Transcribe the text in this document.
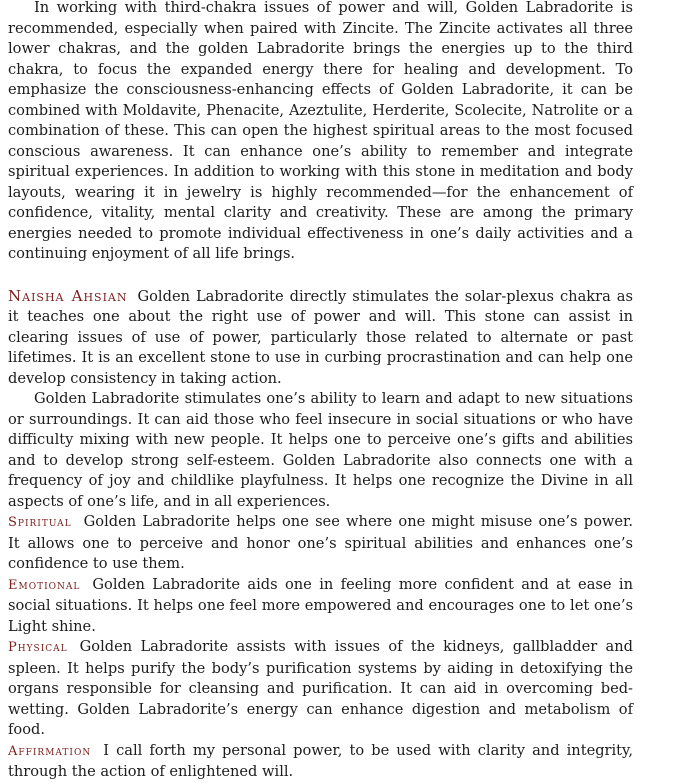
In working with third-chakra issues of power and will, Golden Labradorite is recommended, especially when paired with Zincite. The Zincite activates all three lower chakras, and the golden Labradorite brings the energies up to the third chakra, to focus the expanded energy there for healing and development. To emphasize the consciousness-enhancing effects of Golden Labradorite, it can be combined with Moldavite, Phenacite, Azeztulite, Herderite, Scolecite, Natrolite or a combination of these. This can open the highest spiritual areas to the most focused conscious awareness. It can enhance one’s ability to remember and integrate spiritual experiences. In addition to working with this stone in meditation and body layouts, wearing it in jewelry is highly recommended—for the enhancement of confidence, vitality, mental clarity and creativity. These are among the primary energies needed to promote individual effectiveness in one’s daily activities and a continuing enjoyment of all life brings.

Naisha Ahsian Golden Labradorite directly stimulates the solar-plexus chakra as it teaches one about the right use of power and will. This stone can assist in clearing issues of use of power, particularly those related to alternate or past lifetimes. It is an excellent stone to use in curbing procrastination and can help one develop consistency in taking action.

Golden Labradorite stimulates one’s ability to learn and adapt to new situations or surroundings. It can aid those who feel insecure in social situations or who have difficulty mixing with new people. It helps one to perceive one’s gifts and abilities and to develop strong self-esteem. Golden Labradorite also connects one with a frequency of joy and childlike playfulness. It helps one recognize the Divine in all aspects of one’s life, and in all experiences.

Spiritual Golden Labradorite helps one see where one might misuse one’s power. It allows one to perceive and honor one’s spiritual abilities and enhances one’s confidence to use them.

Emotional Golden Labradorite aids one in feeling more confident and at ease in social situations. It helps one feel more empowered and encourages one to let one’s Light shine.

Physical Golden Labradorite assists with issues of the kidneys, gallbladder and spleen. It helps purify the body’s purification systems by aiding in detoxifying the organs responsible for cleansing and purification. It can aid in overcoming bed-wetting. Golden Labradorite’s energy can enhance digestion and metabolism of food.

Affirmation I call forth my personal power, to be used with clarity and integrity, through the action of enlightened will.
